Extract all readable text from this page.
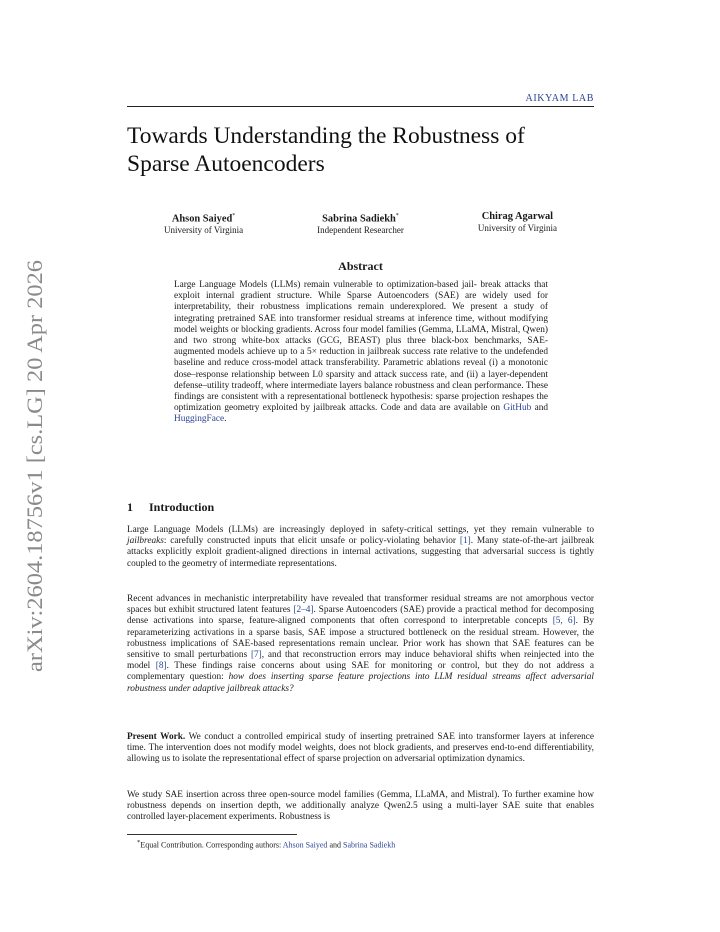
arXiv:2604.18756v1 [cs.LG] 20 Apr 2026
AIKYAM LAB
Towards Understanding the Robustness of
Sparse Autoencoders
Ahson Saiyed*
University of Virginia
Sabrina Sadiekh*
Independent Researcher
Chirag Agarwal
University of Virginia
Abstract
Large Language Models (LLMs) remain vulnerable to optimization-based jail- break attacks that exploit internal gradient structure. While Sparse Autoencoders (SAE) are widely used for interpretability, their robustness implications remain underexplored. We present a study of integrating pretrained SAE into transformer residual streams at inference time, without modifying model weights or blocking gradients. Across four model families (Gemma, LLaMA, Mistral, Qwen) and two strong white-box attacks (GCG, BEAST) plus three black-box benchmarks, SAE-augmented models achieve up to a 5× reduction in jailbreak success rate relative to the undefended baseline and reduce cross-model attack transferability. Parametric ablations reveal (i) a monotonic dose–response relationship between L0 sparsity and attack success rate, and (ii) a layer-dependent defense–utility tradeoff, where intermediate layers balance robustness and clean performance. These findings are consistent with a representational bottleneck hypothesis: sparse projection reshapes the optimization geometry exploited by jailbreak attacks. Code and data are available on GitHub and HuggingFace.
1 Introduction

Large Language Models (LLMs) are increasingly deployed in safety-critical settings, yet they remain vulnerable to jailbreaks: carefully constructed inputs that elicit unsafe or policy-violating behavior [1]. Many state-of-the-art jailbreak attacks explicitly exploit gradient-aligned directions in internal activations, suggesting that adversarial success is tightly coupled to the geometry of intermediate representations.

Recent advances in mechanistic interpretability have revealed that transformer residual streams are not amorphous vector spaces but exhibit structured latent features [2–4]. Sparse Autoencoders (SAE) provide a practical method for decomposing dense activations into sparse, feature-aligned components that often correspond to interpretable concepts [5, 6]. By reparameterizing activations in a sparse basis, SAE impose a structured bottleneck on the residual stream. However, the robustness implications of SAE-based representations remain unclear. Prior work has shown that SAE features can be sensitive to small perturbations [7], and that reconstruction errors may induce behavioral shifts when reinjected into the model [8]. These findings raise concerns about using SAE for monitoring or control, but they do not address a complementary question: how does inserting sparse feature projections into LLM residual streams affect adversarial robustness under adaptive jailbreak attacks?

Present Work. We conduct a controlled empirical study of inserting pretrained SAE into transformer layers at inference time. The intervention does not modify model weights, does not block gradients, and preserves end-to-end differentiability, allowing us to isolate the representational effect of sparse projection on adversarial optimization dynamics.

We study SAE insertion across three open-source model families (Gemma, LLaMA, and Mistral). To further examine how robustness depends on insertion depth, we additionally analyze Qwen2.5 using a multi-layer SAE suite that enables controlled layer-placement experiments. Robustness is

*Equal Contribution. Corresponding authors: Ahson Saiyed and Sabrina Sadiekh
